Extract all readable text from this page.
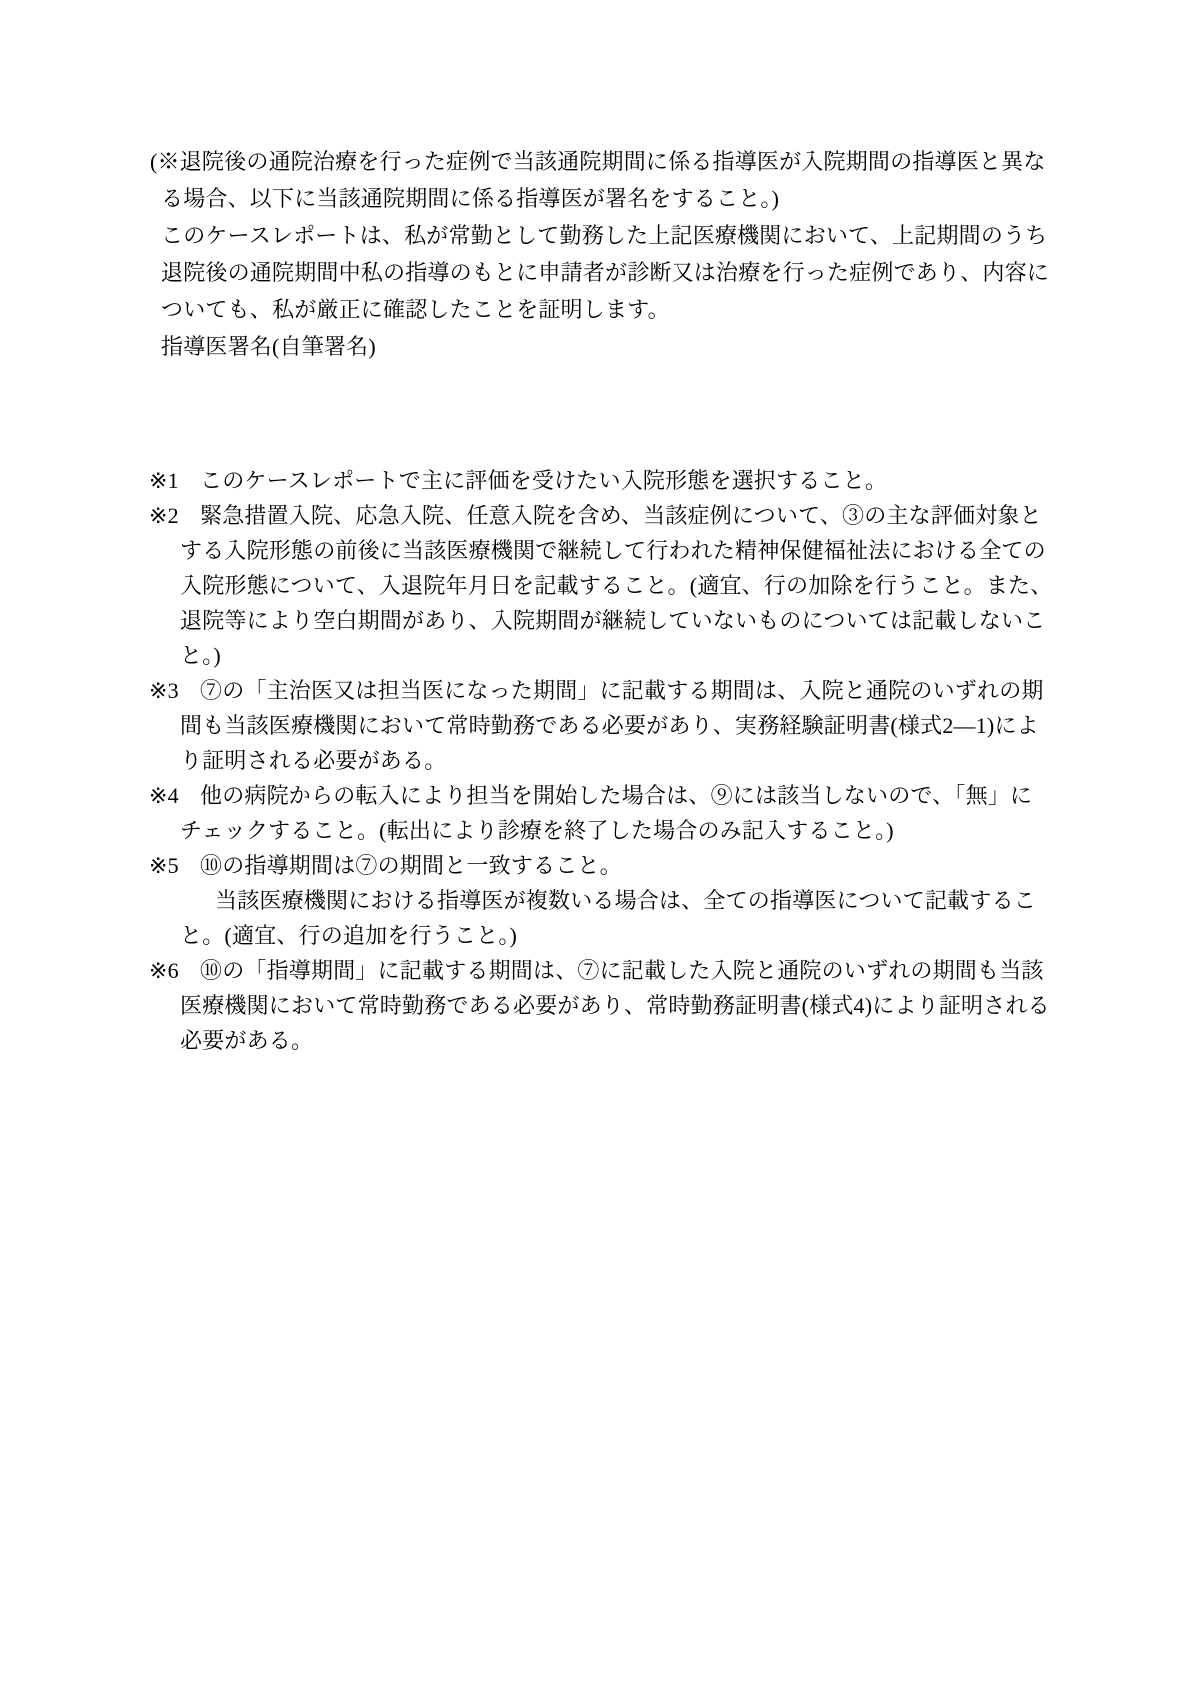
(※退院後の通院治療を行った症例で当該通院期間に係る指導医が入院期間の指導医と異な
る場合、以下に当該通院期間に係る指導医が署名をすること。)
このケースレポートは、私が常勤として勤務した上記医療機関において、上記期間のうち
退院後の通院期間中私の指導のもとに申請者が診断又は治療を行った症例であり、内容に
ついても、私が厳正に確認したことを証明します。
指導医署名(自筆署名)
※1 このケースレポートで主に評価を受けたい入院形態を選択すること。
※2 緊急措置入院、応急入院、任意入院を含め、当該症例について、③の主な評価対象と
する入院形態の前後に当該医療機関で継続して行われた精神保健福祉法における全ての
入院形態について、入退院年月日を記載すること。(適宜、行の加除を行うこと。また、
退院等により空白期間があり、入院期間が継続していないものについては記載しないこ
と。)
※3 ⑦の「主治医又は担当医になった期間」に記載する期間は、入院と通院のいずれの期
間も当該医療機関において常時勤務である必要があり、実務経験証明書(様式2—1)によ
り証明される必要がある。
※4 他の病院からの転入により担当を開始した場合は、⑨には該当しないので、「無」に
チェックすること。(転出により診療を終了した場合のみ記入すること。)
※5 ⑩の指導期間は⑦の期間と一致すること。
当該医療機関における指導医が複数いる場合は、全ての指導医について記載するこ
と。(適宜、行の追加を行うこと。)
※6 ⑩の「指導期間」に記載する期間は、⑦に記載した入院と通院のいずれの期間も当該
医療機関において常時勤務である必要があり、常時勤務証明書(様式4)により証明される
必要がある。
